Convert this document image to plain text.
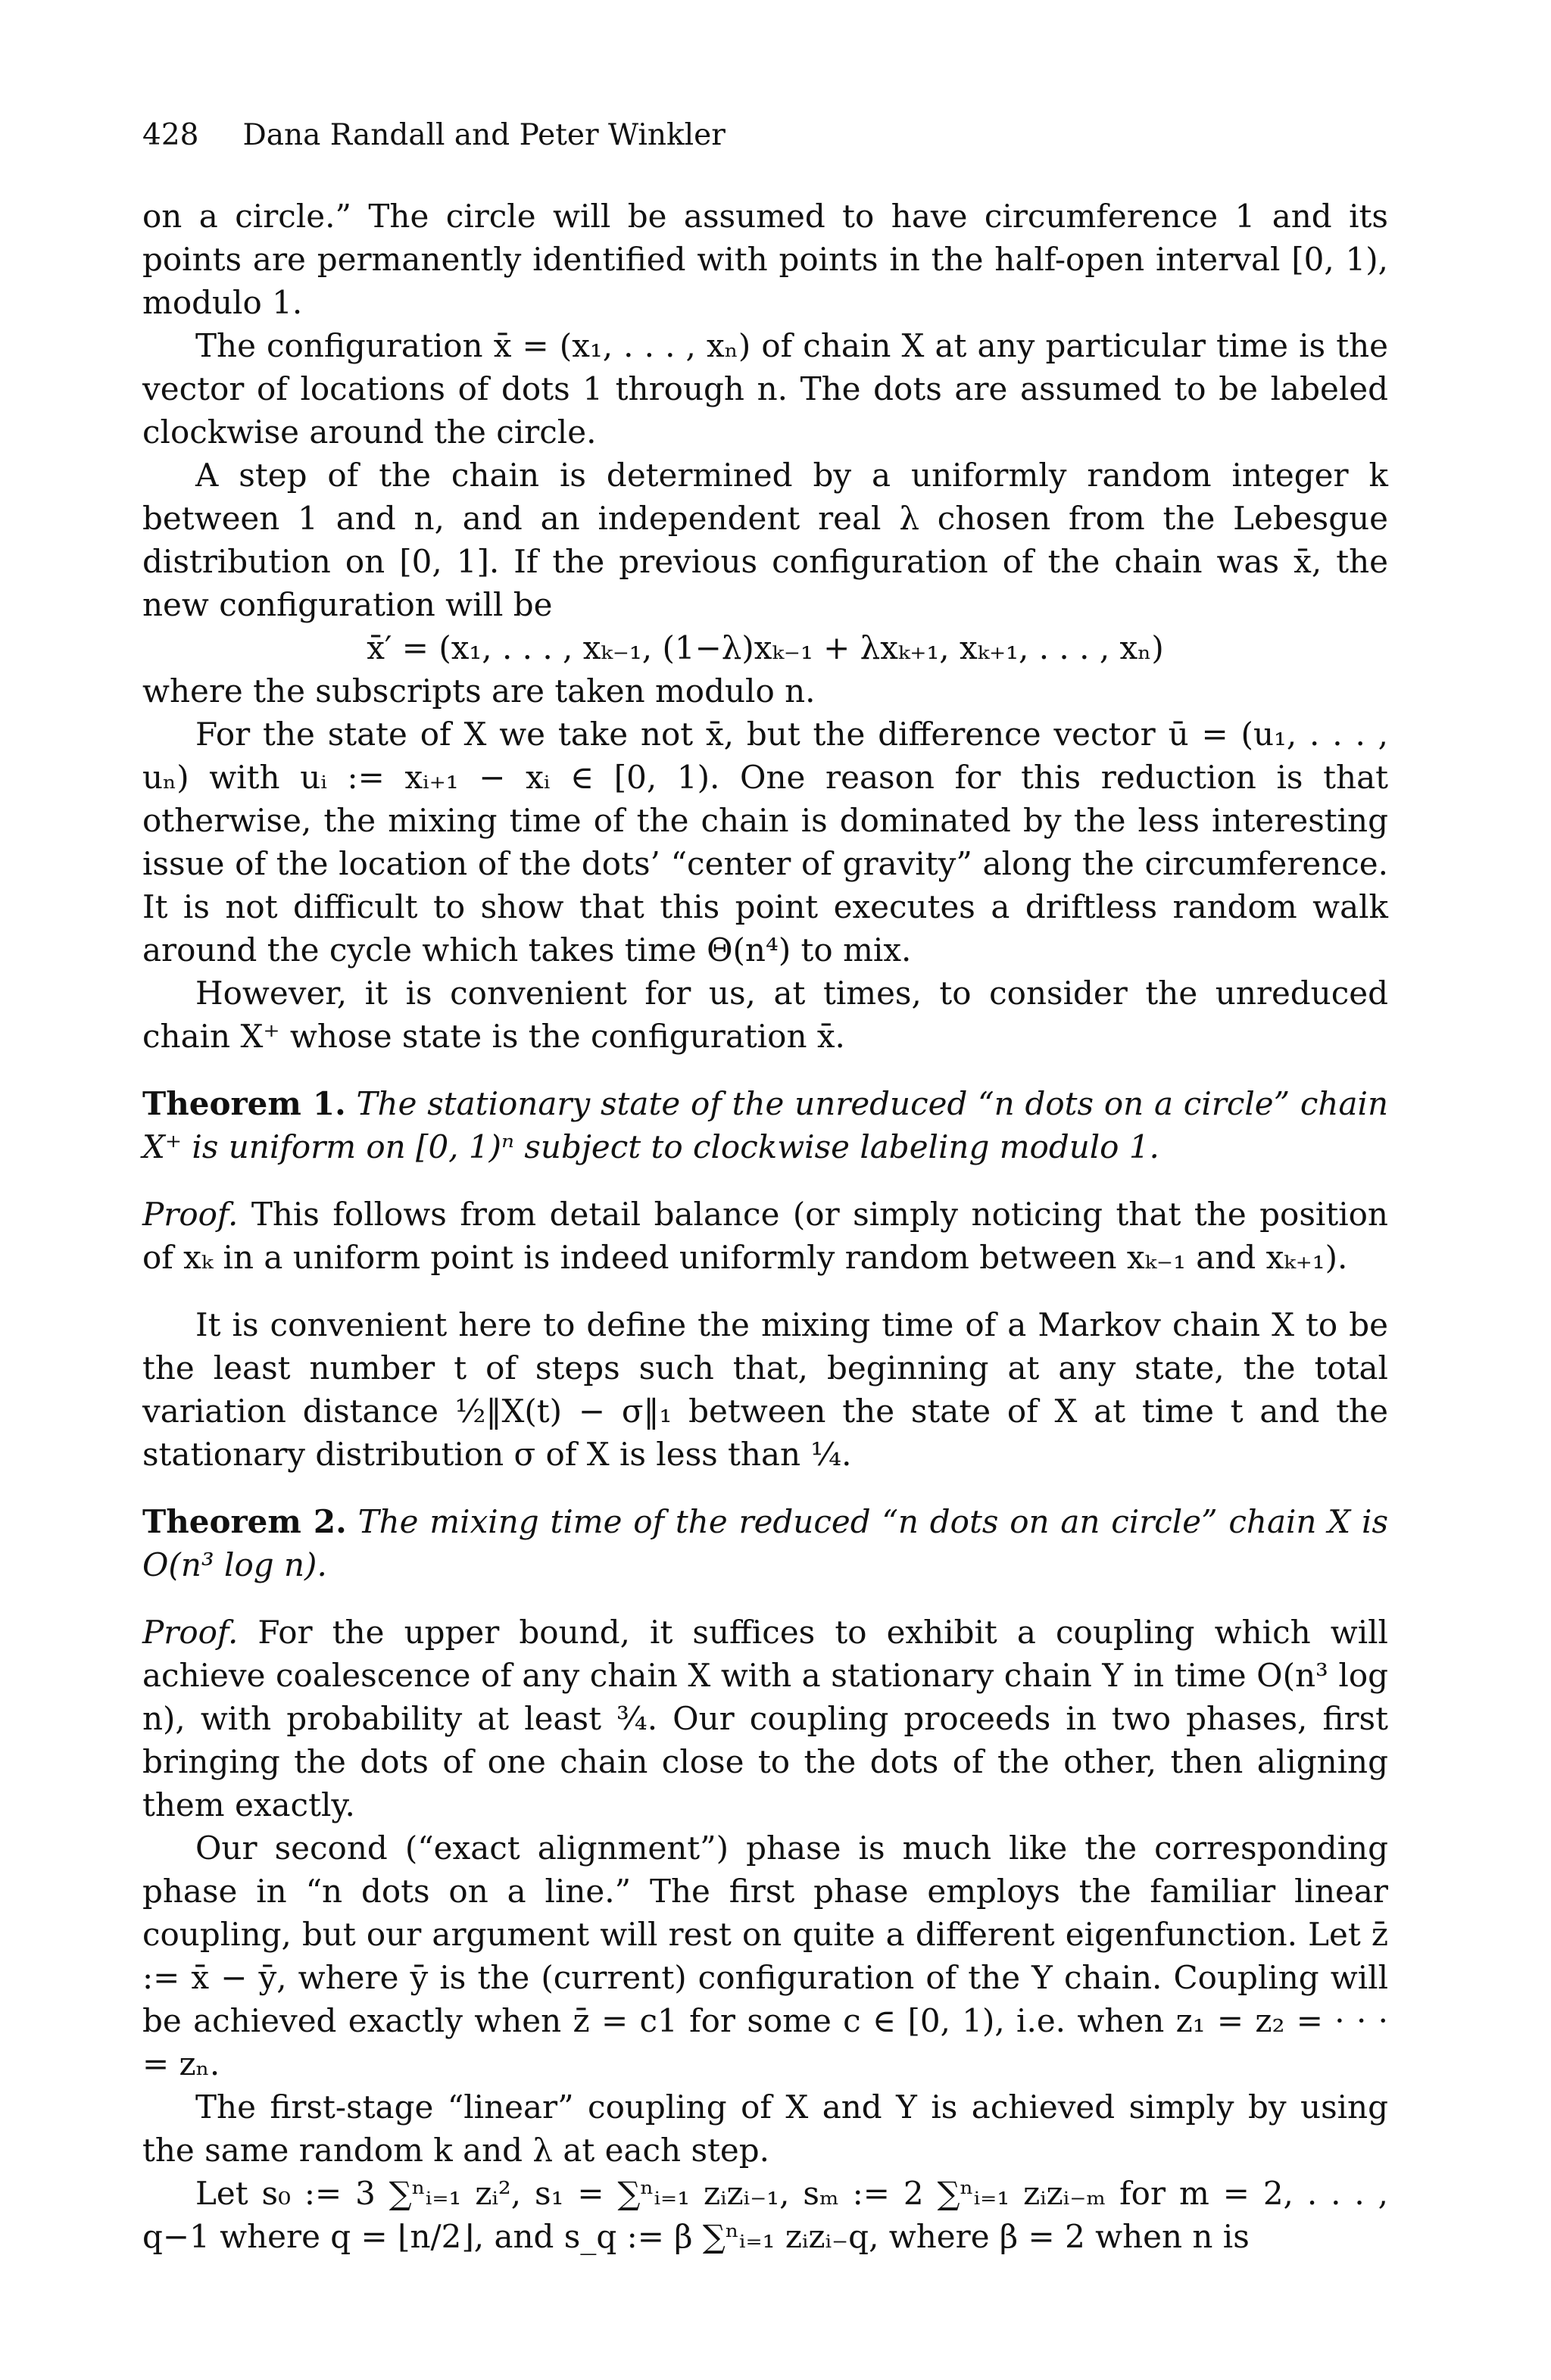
428 Dana Randall and Peter Winkler

on a circle.” The circle will be assumed to have circumference 1 and its points are permanently identified with points in the half-open interval [0, 1), modulo 1.

The configuration x̄ = (x₁, . . . , xₙ) of chain X at any particular time is the vector of locations of dots 1 through n. The dots are assumed to be labeled clockwise around the circle.

A step of the chain is determined by a uniformly random integer k between 1 and n, and an independent real λ chosen from the Lebesgue distribution on [0, 1]. If the previous configuration of the chain was x̄, the new configuration will be

x̄′ = (x₁, . . . , xₖ₋₁, (1−λ)xₖ₋₁ + λxₖ₊₁, xₖ₊₁, . . . , xₙ)

where the subscripts are taken modulo n.

For the state of X we take not x̄, but the difference vector ū = (u₁, . . . , uₙ) with uᵢ := xᵢ₊₁ − xᵢ ∈ [0, 1). One reason for this reduction is that otherwise, the mixing time of the chain is dominated by the less interesting issue of the location of the dots’ “center of gravity” along the circumference. It is not difficult to show that this point executes a driftless random walk around the cycle which takes time Θ(n⁴) to mix.

However, it is convenient for us, at times, to consider the unreduced chain X⁺ whose state is the configuration x̄.

Theorem 1. The stationary state of the unreduced “n dots on a circle” chain X⁺ is uniform on [0, 1)ⁿ subject to clockwise labeling modulo 1.

Proof. This follows from detail balance (or simply noticing that the position of xₖ in a uniform point is indeed uniformly random between xₖ₋₁ and xₖ₊₁).

It is convenient here to define the mixing time of a Markov chain X to be the least number t of steps such that, beginning at any state, the total variation distance ½‖X(t) − σ‖₁ between the state of X at time t and the stationary distribution σ of X is less than ¼.

Theorem 2. The mixing time of the reduced “n dots on an circle” chain X is O(n³ log n).

Proof. For the upper bound, it suffices to exhibit a coupling which will achieve coalescence of any chain X with a stationary chain Y in time O(n³ log n), with probability at least ¾. Our coupling proceeds in two phases, first bringing the dots of one chain close to the dots of the other, then aligning them exactly.

Our second (“exact alignment”) phase is much like the corresponding phase in “n dots on a line.” The first phase employs the familiar linear coupling, but our argument will rest on quite a different eigenfunction. Let z̄ := x̄ − ȳ, where ȳ is the (current) configuration of the Y chain. Coupling will be achieved exactly when z̄ = c1 for some c ∈ [0, 1), i.e. when z₁ = z₂ = · · · = zₙ.

The first-stage “linear” coupling of X and Y is achieved simply by using the same random k and λ at each step.

Let s₀ := 3 ∑ⁿᵢ₌₁ zᵢ², s₁ = ∑ⁿᵢ₌₁ zᵢzᵢ₋₁, sₘ := 2 ∑ⁿᵢ₌₁ zᵢzᵢ₋ₘ for m = 2, . . . , q−1 where q = ⌊n/2⌋, and s_q := β ∑ⁿᵢ₌₁ zᵢzᵢ₋q, where β = 2 when n is
